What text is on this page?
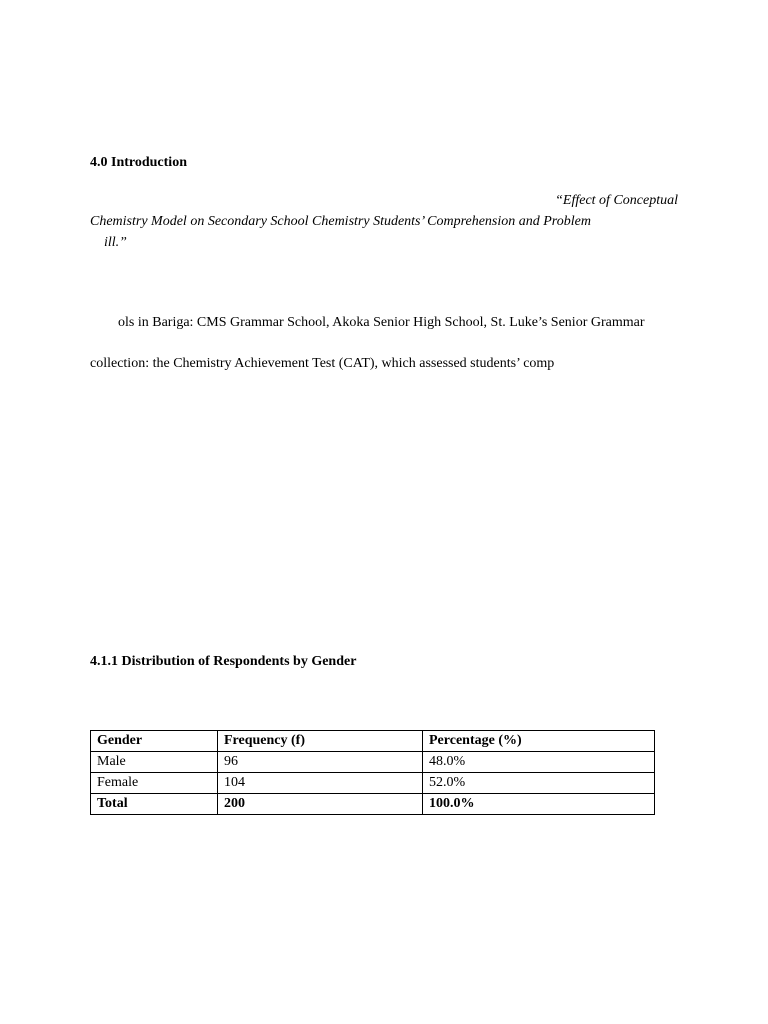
4.0 Introduction
“Effect of Conceptual
Chemistry Model on Secondary School Chemistry Students’ Comprehension and Problem
ill.”
ols in Bariga: CMS Grammar School, Akoka Senior High School, St. Luke’s Senior Grammar
collection: the Chemistry Achievement Test (CAT), which assessed students’ comp
4.1.1 Distribution of Respondents by Gender
Gender	Frequency (f)	Percentage (%)
Male	96	48.0%
Female	104	52.0%
Total	200	100.0%
